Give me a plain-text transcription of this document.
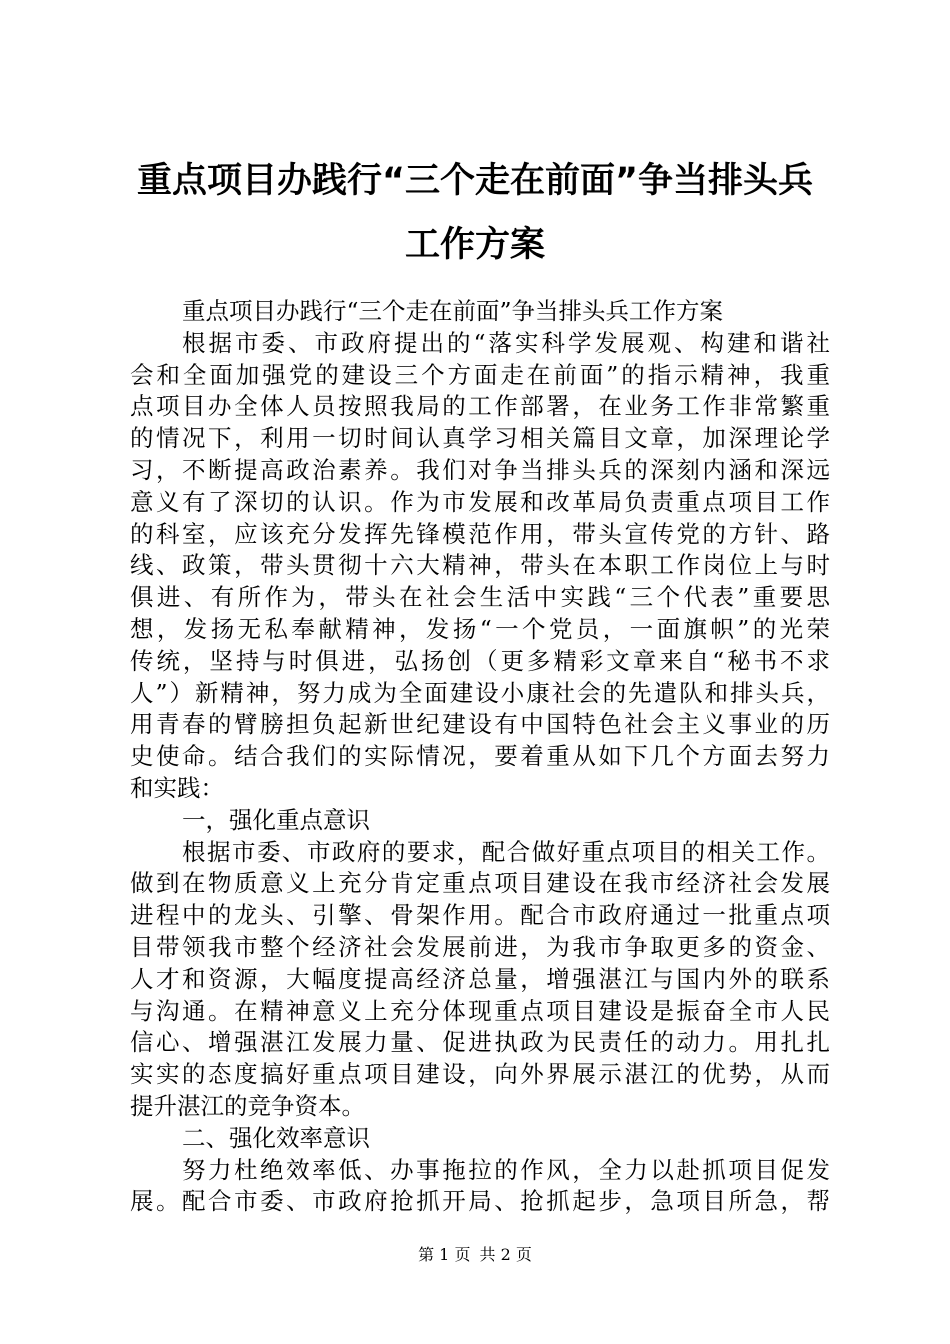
重点项目办践行“三个走在前面”争当排头兵
工作方案
重点项目办践行“三个走在前面”争当排头兵工作方案
根据市委、市政府提出的“落实科学发展观、构建和谐社
会和全面加强党的建设三个方面走在前面”的指示精神，我重
点项目办全体人员按照我局的工作部署，在业务工作非常繁重
的情况下，利用一切时间认真学习相关篇目文章，加深理论学
习，不断提高政治素养。我们对争当排头兵的深刻内涵和深远
意义有了深切的认识。作为市发展和改革局负责重点项目工作
的科室，应该充分发挥先锋模范作用，带头宣传党的方针、路
线、政策，带头贯彻十六大精神，带头在本职工作岗位上与时
俱进、有所作为，带头在社会生活中实践“三个代表”重要思
想，发扬无私奉献精神，发扬“一个党员，一面旗帜”的光荣
传统，坚持与时俱进，弘扬创（更多精彩文章来自“秘书不求
人”）新精神，努力成为全面建设小康社会的先遣队和排头兵，
用青春的臂膀担负起新世纪建设有中国特色社会主义事业的历
史使命。结合我们的实际情况，要着重从如下几个方面去努力
和实践：
一，强化重点意识
根据市委、市政府的要求，配合做好重点项目的相关工作。
做到在物质意义上充分肯定重点项目建设在我市经济社会发展
进程中的龙头、引擎、骨架作用。配合市政府通过一批重点项
目带领我市整个经济社会发展前进，为我市争取更多的资金、
人才和资源，大幅度提高经济总量，增强湛江与国内外的联系
与沟通。在精神意义上充分体现重点项目建设是振奋全市人民
信心、增强湛江发展力量、促进执政为民责任的动力。用扎扎
实实的态度搞好重点项目建设，向外界展示湛江的优势，从而
提升湛江的竞争资本。
二、强化效率意识
努力杜绝效率低、办事拖拉的作风，全力以赴抓项目促发
展。配合市委、市政府抢抓开局、抢抓起步，急项目所急，帮
第 1 页 共 2 页
